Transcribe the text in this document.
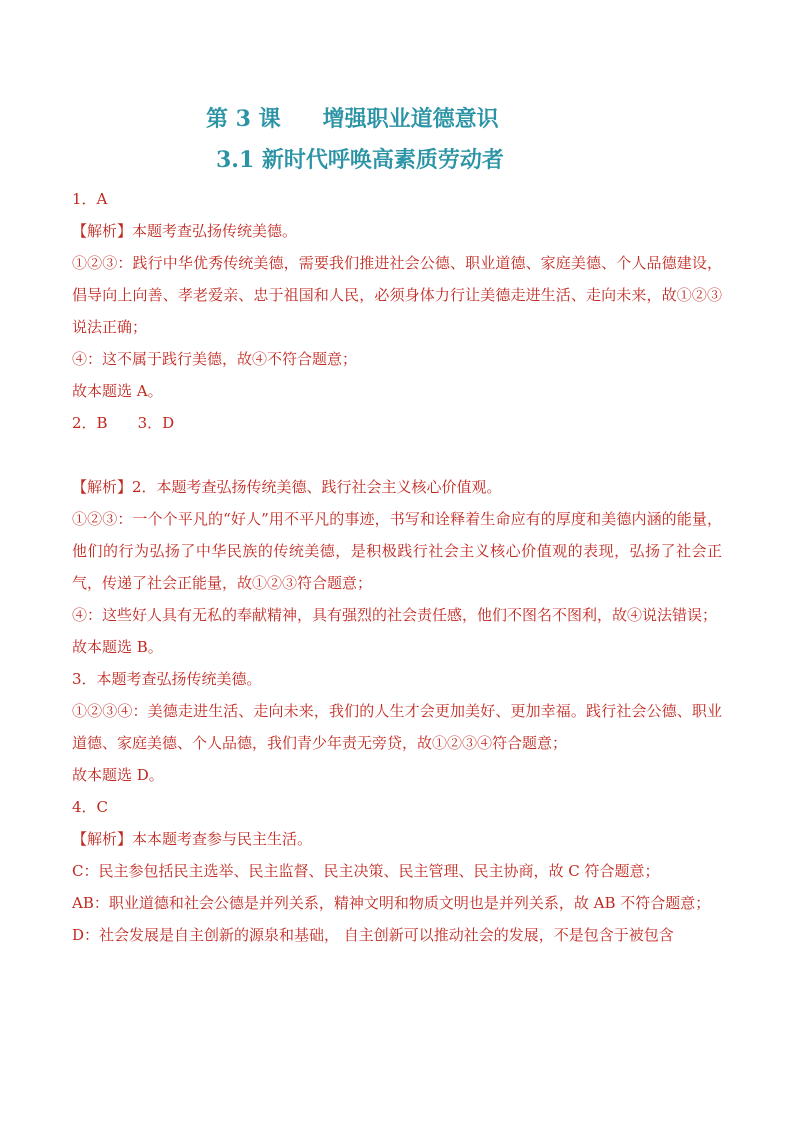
第 3 课 增强职业道德意识
3.1 新时代呼唤高素质劳动者
1．A
【解析】本题考查弘扬传统美德。
①②③：践行中华优秀传统美德，需要我们推进社会公德、职业道德、家庭美德、个人品德建设，倡导向上向善、孝老爱亲、忠于祖国和人民，必须身体力行让美德走进生活、走向未来，故①②③说法正确；
④：这不属于践行美德，故④不符合题意；
故本题选 A。
2．B　　3．D
【解析】2．本题考查弘扬传统美德、践行社会主义核心价值观。
①②③：一个个平凡的“好人”用不平凡的事迹，书写和诠释着生命应有的厚度和美德内涵的能量，他们的行为弘扬了中华民族的传统美德，是积极践行社会主义核心价值观的表现，弘扬了社会正气，传递了社会正能量，故①②③符合题意；
④：这些好人具有无私的奉献精神，具有强烈的社会责任感，他们不图名不图利，故④说法错误；
故本题选 B。
3．本题考查弘扬传统美德。
①②③④：美德走进生活、走向未来，我们的人生才会更加美好、更加幸福。践行社会公德、职业道德、家庭美德、个人品德，我们青少年责无旁贷，故①②③④符合题意；
故本题选 D。
4．C
【解析】本本题考查参与民主生活。
C：民主参包括民主选举、民主监督、民主决策、民主管理、民主协商，故 C 符合题意；
AB：职业道德和社会公德是并列关系，精神文明和物质文明也是并列关系，故 AB 不符合题意；
D：社会发展是自主创新的源泉和基础， 自主创新可以推动社会的发展，不是包含于被包含
